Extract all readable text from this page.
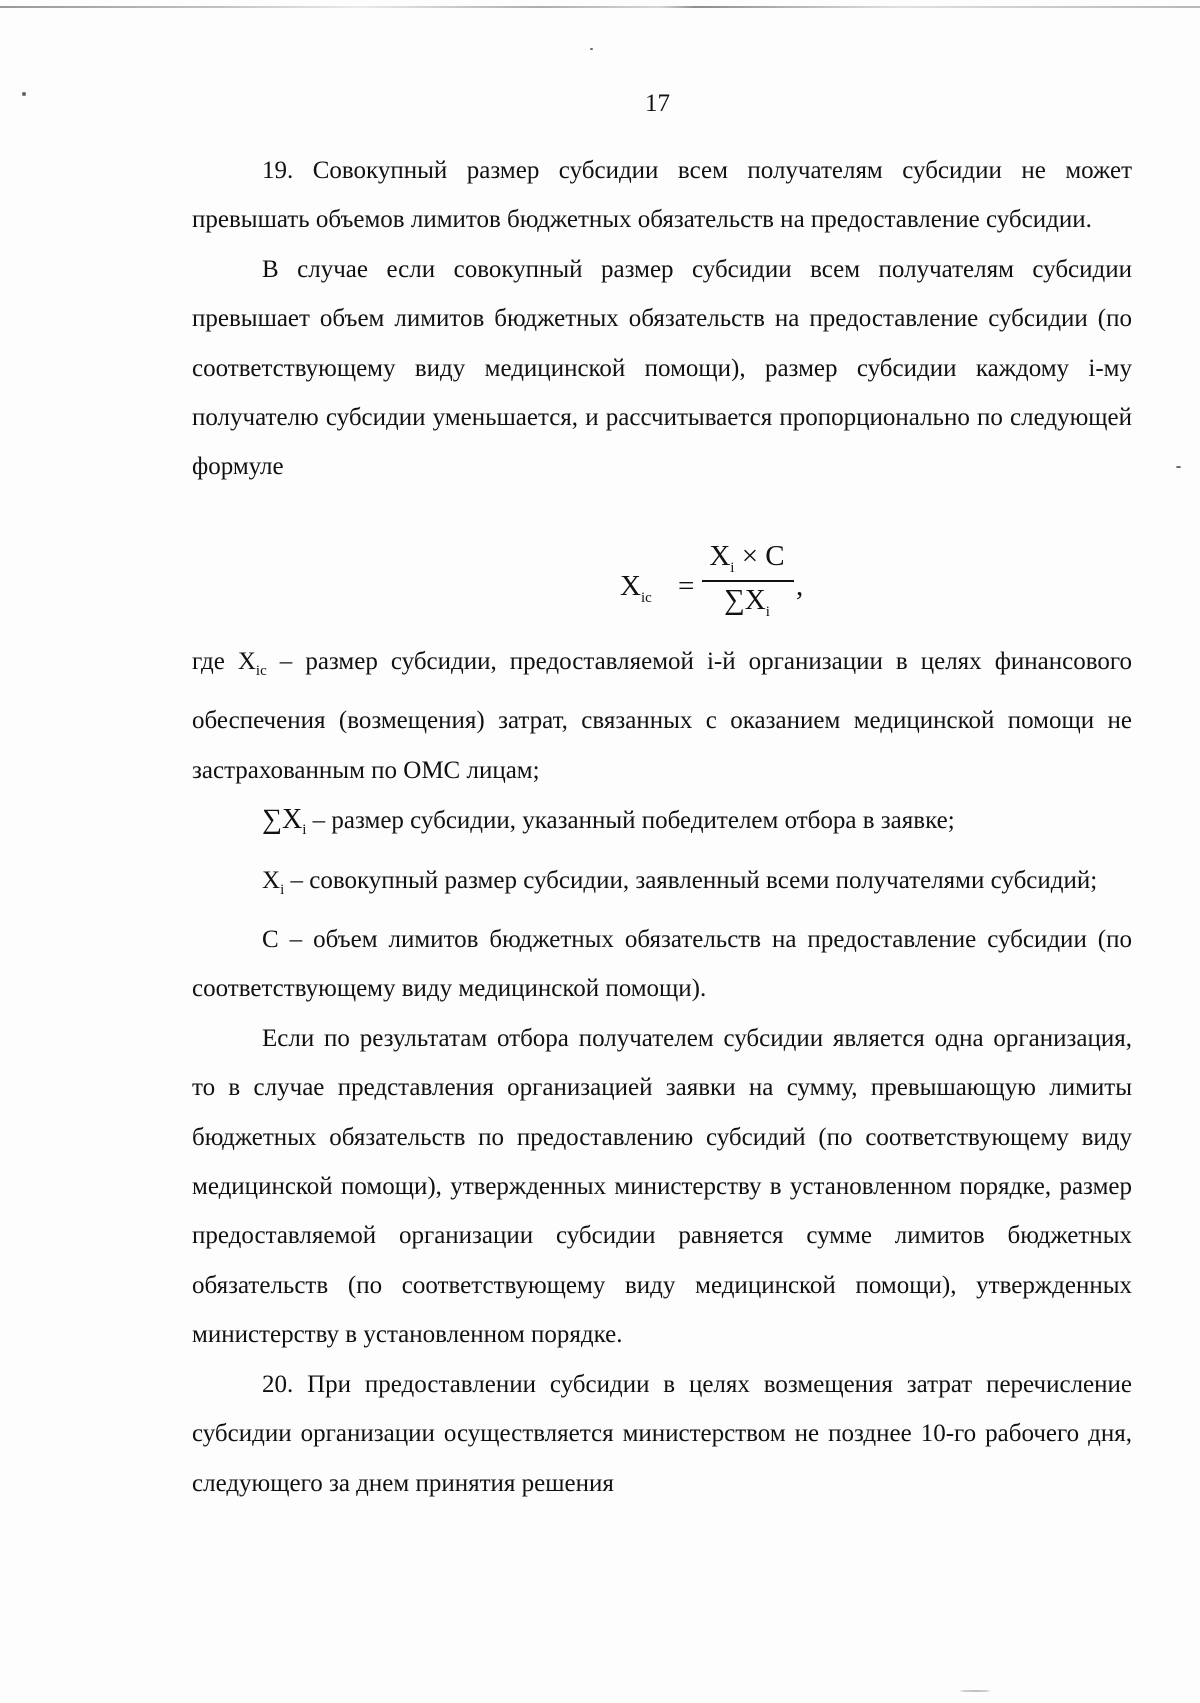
17

19. Совокупный размер субсидии всем получателям субсидии не может превышать объемов лимитов бюджетных обязательств на предоставление субсидии.

В случае если совокупный размер субсидии всем получателям субсидии превышает объем лимитов бюджетных обязательств на предоставление субсидии (по соответствующему виду медицинской помощи), размер субсидии каждому i-му получателю субсидии уменьшается, и рассчитывается пропорционально по следующей формуле

$X_{ic}$ =
$X_i \times C$
$\sum X_i$
,

где $X_{ic}$ – размер субсидии, предоставляемой i-й организации в целях финансового обеспечения (возмещения) затрат, связанных с оказанием медицинской помощи не застрахованным по ОМС лицам;

$\sum X_i$ – размер субсидии, указанный победителем отбора в заявке;

$X_i$ – совокупный размер субсидии, заявленный всеми получателями субсидий;

С – объем лимитов бюджетных обязательств на предоставление субсидии (по соответствующему виду медицинской помощи).

Если по результатам отбора получателем субсидии является одна организация, то в случае представления организацией заявки на сумму, превышающую лимиты бюджетных обязательств по предоставлению субсидий (по соответствующему виду медицинской помощи), утвержденных министерству в установленном порядке, размер предоставляемой организации субсидии равняется сумме лимитов бюджетных обязательств (по соответствующему виду медицинской помощи), утвержденных министерству в установленном порядке.

20. При предоставлении субсидии в целях возмещения затрат перечисление субсидии организации осуществляется министерством не позднее 10-го рабочего дня, следующего за днем принятия решения
